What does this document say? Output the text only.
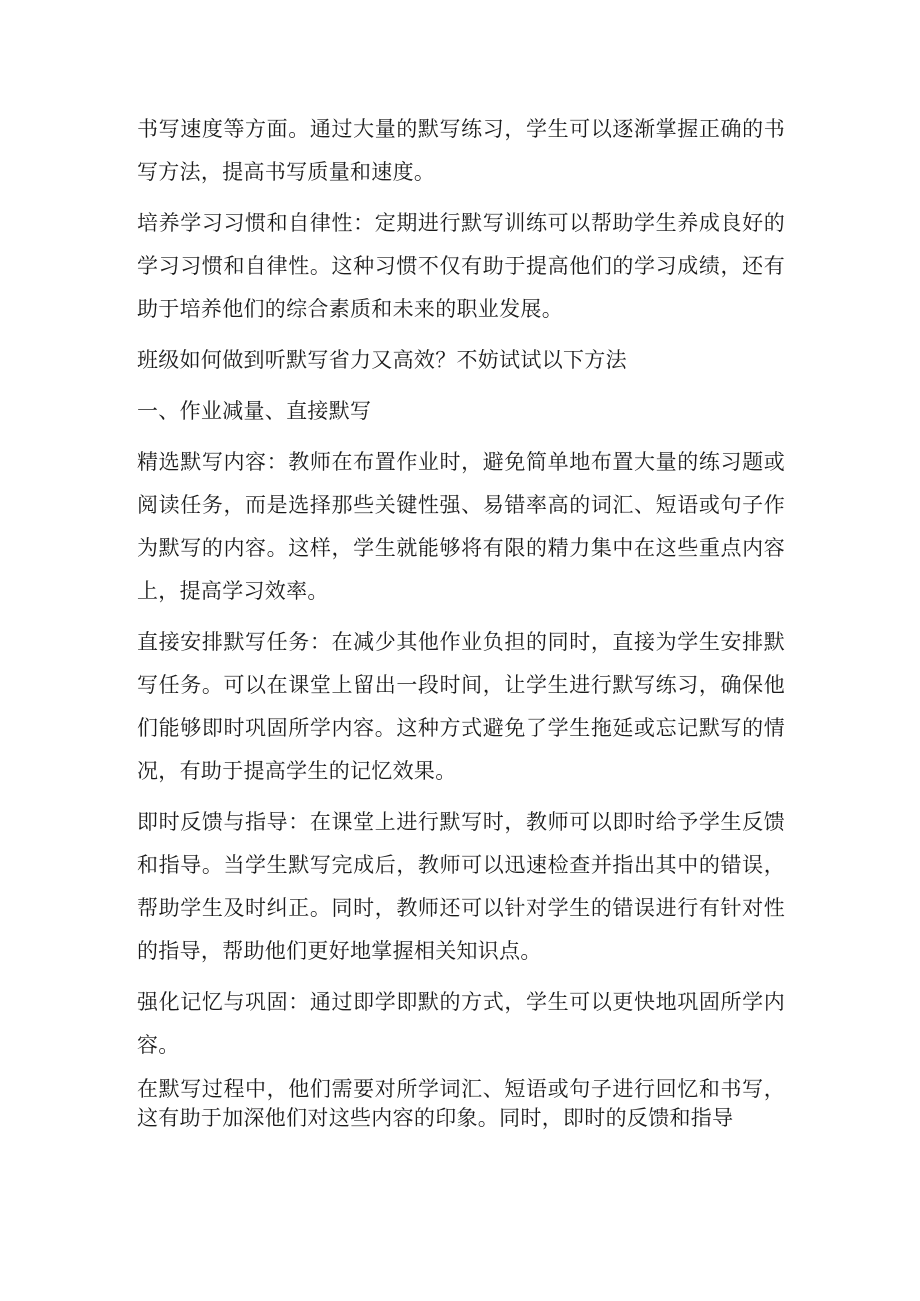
书写速度等方面。通过大量的默写练习，学生可以逐渐掌握正确的书写方法，提高书写质量和速度。

培养学习习惯和自律性：定期进行默写训练可以帮助学生养成良好的学习习惯和自律性。这种习惯不仅有助于提高他们的学习成绩，还有助于培养他们的综合素质和未来的职业发展。

班级如何做到听默写省力又高效？不妨试试以下方法

一、作业减量、直接默写

精选默写内容：教师在布置作业时，避免简单地布置大量的练习题或阅读任务，而是选择那些关键性强、易错率高的词汇、短语或句子作为默写的内容。这样，学生就能够将有限的精力集中在这些重点内容上，提高学习效率。

直接安排默写任务：在减少其他作业负担的同时，直接为学生安排默写任务。可以在课堂上留出一段时间，让学生进行默写练习，确保他们能够即时巩固所学内容。这种方式避免了学生拖延或忘记默写的情况，有助于提高学生的记忆效果。

即时反馈与指导：在课堂上进行默写时，教师可以即时给予学生反馈和指导。当学生默写完成后，教师可以迅速检查并指出其中的错误，帮助学生及时纠正。同时，教师还可以针对学生的错误进行有针对性的指导，帮助他们更好地掌握相关知识点。

强化记忆与巩固：通过即学即默的方式，学生可以更快地巩固所学内容。

在默写过程中，他们需要对所学词汇、短语或句子进行回忆和书写，这有助于加深他们对这些内容的印象。同时，即时的反馈和指导
